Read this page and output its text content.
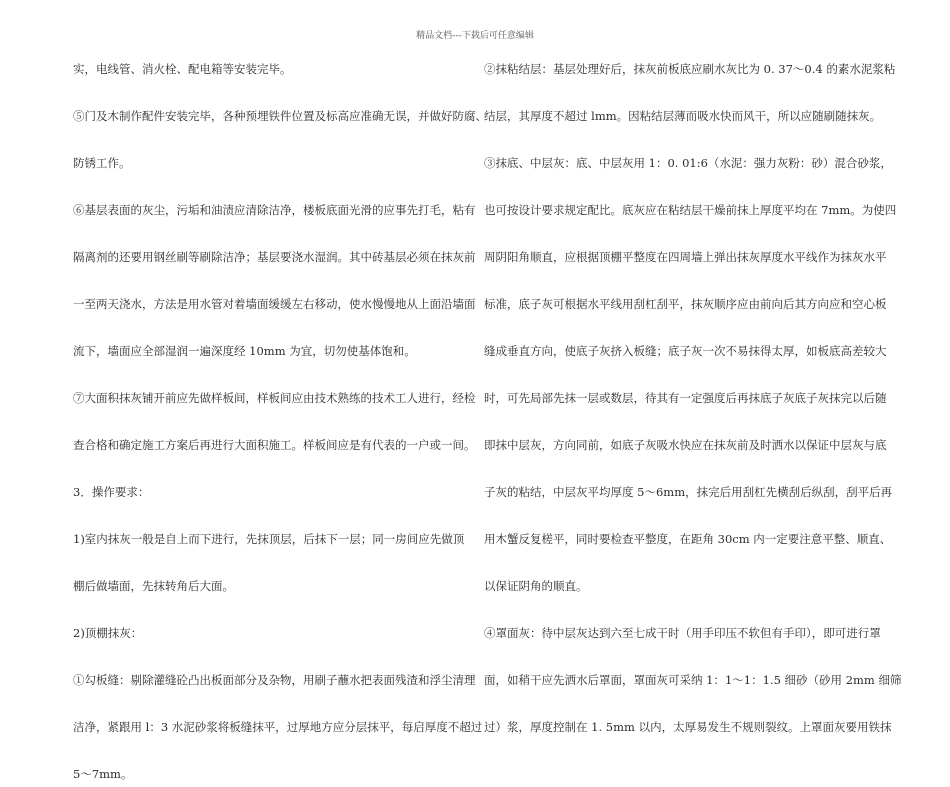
精品文档---下载后可任意编辑
实，电线管、消火栓、配电箱等安装完毕。
⑤门及木制作配件安装完毕，各种预埋铁件位置及标高应准确无误，并做好防腐、
防锈工作。
⑥基层表面的灰尘，污垢和油渍应清除洁净，楼板底面光滑的应事先打毛，粘有
隔离剂的还要用钢丝刷等刷除洁净；基层要浇水湿润。其中砖基层必须在抹灰前
一至两天浇水，方法是用水管对着墙面缓缓左右移动，使水慢慢地从上面沿墙面
流下，墙面应全部湿润一遍深度经 10mm 为宜，切勿使基体饱和。
⑦大面积抹灰铺开前应先做样板间，样板间应由技术熟练的技术工人进行，经检
查合格和确定施工方案后再进行大面积施工。样板间应是有代表的一户或一间。
3．操作要求：
1)室内抹灰一般是自上而下进行，先抹顶层，后抹下一层；同一房间应先做顶
棚后做墙面，先抹转角后大面。
2)顶棚抹灰：
①勾板缝：剔除灌缝砼凸出板面部分及杂物，用刷子蘸水把表面残渣和浮尘清理
洁净，紧跟用 l：3 水泥砂浆将板缝抹平，过厚地方应分层抹平，每启厚度不超过
5～7mm。
②抹粘结层：基层处理好后，抹灰前板底应刷水灰比为 0. 37～0.4 的素水泥浆粘
结层，其厚度不超过 lmm。因粘结层薄而吸水快而风干，所以应随刷随抹灰。
③抹底、中层灰：底、中层灰用 1：0. 01:6（水泥：强力灰粉：砂）混合砂浆，
也可按设计要求规定配比。底灰应在粘结层干燥前抹上厚度平均在 7mm。为使四
周阴阳角顺直，应根据顶棚平整度在四周墙上弹出抹灰厚度水平线作为抹灰水平
标准，底子灰可根据水平线用刮杠刮平，抹灰顺序应由前向后其方向应和空心板
缝成垂直方向，使底子灰挤入板缝；底子灰一次不易抹得太厚，如板底高差较大
时，可先局部先抹一层或数层，待其有一定强度后再抹底子灰底子灰抹完以后随
即抹中层灰，方向同前，如底子灰吸水快应在抹灰前及时洒水以保证中层灰与底
子灰的粘结，中层灰平均厚度 5～6mm，抹完后用刮杠先横刮后纵刮，刮平后再
用木蟹反复槎平，同时要检查平整度，在距角 30cm 内一定要注意平整、顺直、
以保证阴角的顺直。
④罩面灰：待中层灰达到六至七成干时（用手印压不软但有手印），即可进行罩
面，如稍干应先洒水后罩面，罩面灰可采纳 1：1～1：1.5 细砂（砂用 2mm 细筛
过）浆，厚度控制在 1. 5mm 以内，太厚易发生不规则裂纹。上罩面灰要用铁抹
